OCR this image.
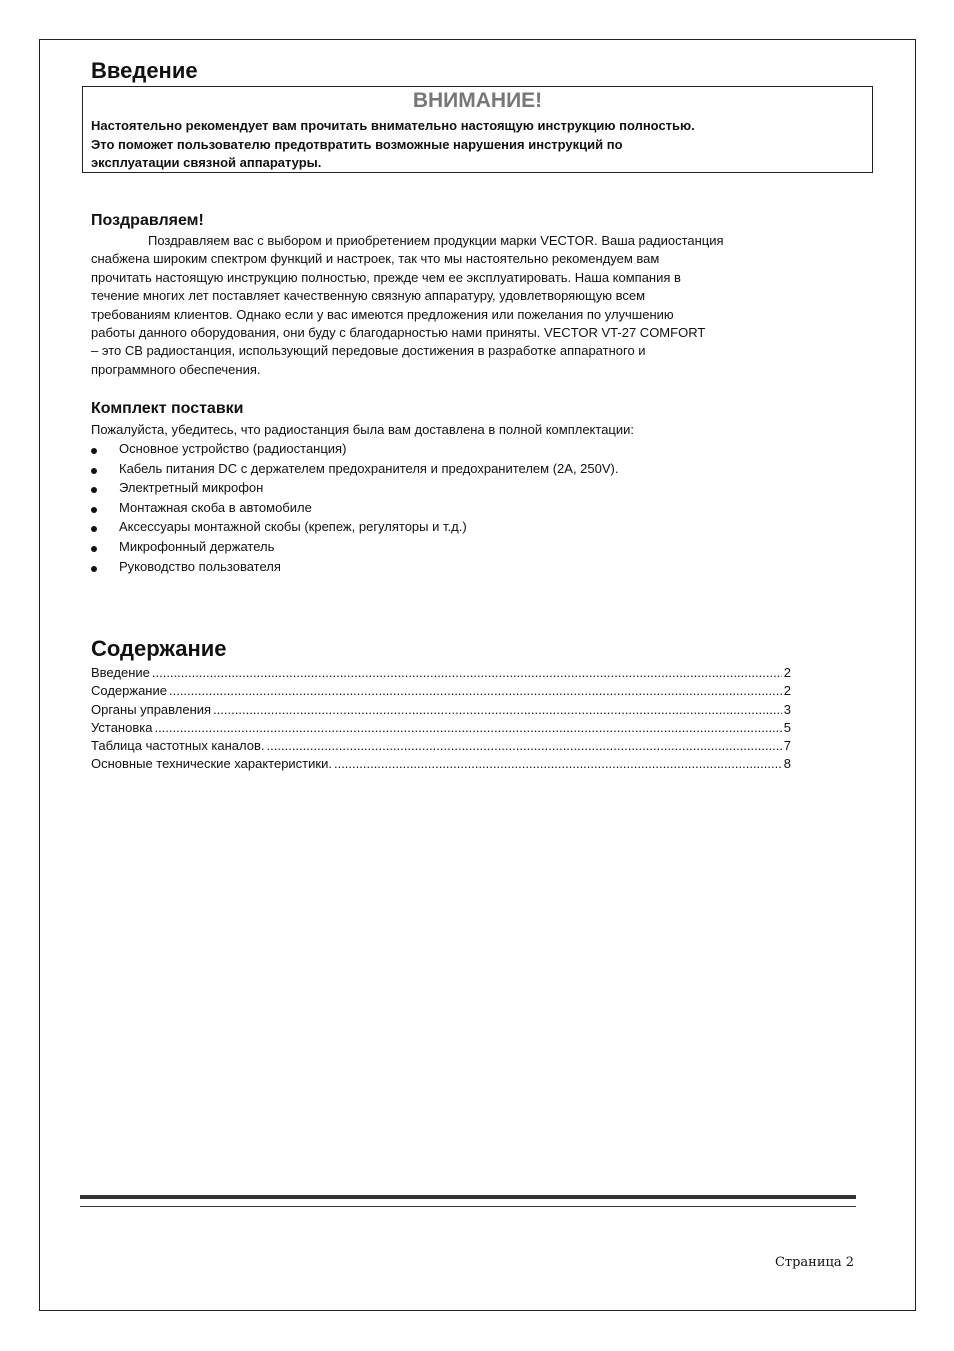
Введение
ВНИМАНИЕ!
Настоятельно рекомендует вам прочитать внимательно настоящую инструкцию полностью.
Это поможет пользователю предотвратить возможные нарушения инструкций по
эксплуатации связной аппаратуры.
Поздравляем!
Поздравляем вас с выбором и приобретением продукции марки VECTOR. Ваша радиостанция
снабжена широким спектром функций и настроек, так что мы настоятельно рекомендуем вам
прочитать настоящую инструкцию полностью, прежде чем ее эксплуатировать. Наша компания в
течение многих лет поставляет качественную связную аппаратуру, удовлетворяющую всем
требованиям клиентов. Однако если у вас имеются предложения или пожелания по улучшению
работы данного оборудования, они буду с благодарностью нами приняты. VECTOR VT-27 COMFORT
– это СВ радиостанция, использующий передовые достижения в разработке аппаратного и
программного обеспечения.
Комплект поставки
Пожалуйста, убедитесь, что радиостанция была вам доставлена в полной комплектации:
Основное устройство (радиостанция)
Кабель питания DC с держателем предохранителя и предохранителем (2А, 250V).
Электретный микрофон
Монтажная скоба в автомобиле
Аксессуары монтажной скобы (крепеж, регуляторы и т.д.)
Микрофонный держатель
Руководство пользователя
Содержание
Введение .....	2
Содержание .....	2
Органы управления .....	3
Установка .....	5
Таблица частотных каналов. .....	7
Основные технические характеристики. .....	8
Страница 2
